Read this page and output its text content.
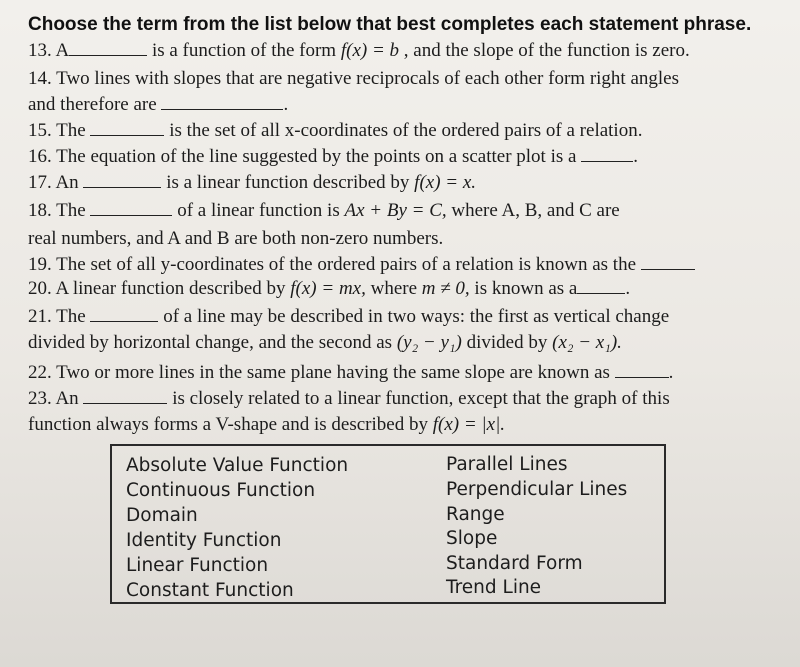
Choose the term from the list below that best completes each statement phrase.
13. A	is a function of the form f(x) = b , and the slope of the function is zero.
14. Two lines with slopes that are negative reciprocals of each other form right angles
and therefore are	.
15. The	is the set of all x-coordinates of the ordered pairs of a relation.
16. The equation of the line suggested by the points on a scatter plot is a	.
17. An	is a linear function described by f(x) = x.
18. The	of a linear function is Ax + By = C, where A, B, and C are
real numbers, and A and B are both non-zero numbers.
19. The set of all y-coordinates of the ordered pairs of a relation is known as the
20. A linear function described by f(x) = mx, where m ≠ 0, is known as a	.
21. The	of a line may be described in two ways: the first as vertical change
divided by horizontal change, and the second as (y₂ − y₁) divided by (x₂ − x₁).
22. Two or more lines in the same plane having the same slope are known as	.
23. An	is closely related to a linear function, except that the graph of this
function always forms a V-shape and is described by f(x) = |x|.
Absolute Value Function
Continuous Function
Domain
Identity Function
Linear Function
Constant Function
Parallel Lines
Perpendicular Lines
Range
Slope
Standard Form
Trend Line
